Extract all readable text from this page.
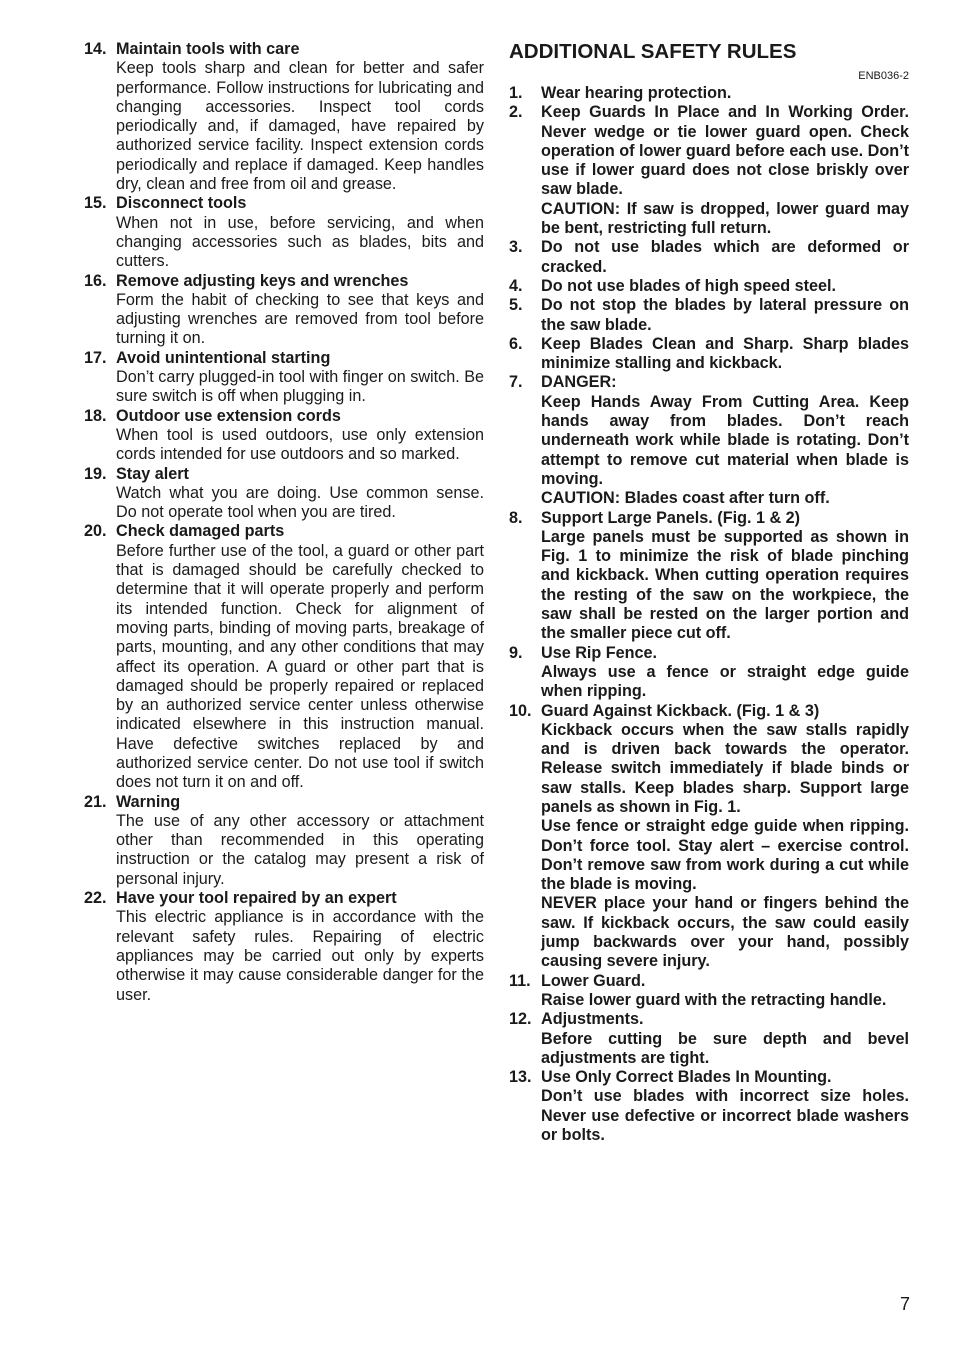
14. Maintain tools with care
Keep tools sharp and clean for better and safer performance. Follow instructions for lubricating and changing accessories. Inspect tool cords periodically and, if damaged, have repaired by authorized service facility. Inspect extension cords periodically and replace if damaged. Keep handles dry, clean and free from oil and grease.
15. Disconnect tools
When not in use, before servicing, and when changing accessories such as blades, bits and cutters.
16. Remove adjusting keys and wrenches
Form the habit of checking to see that keys and adjusting wrenches are removed from tool before turning it on.
17. Avoid unintentional starting
Don’t carry plugged-in tool with finger on switch. Be sure switch is off when plugging in.
18. Outdoor use extension cords
When tool is used outdoors, use only extension cords intended for use outdoors and so marked.
19. Stay alert
Watch what you are doing. Use common sense. Do not operate tool when you are tired.
20. Check damaged parts
Before further use of the tool, a guard or other part that is damaged should be carefully checked to determine that it will operate properly and perform its intended function. Check for alignment of moving parts, binding of moving parts, breakage of parts, mounting, and any other conditions that may affect its operation. A guard or other part that is damaged should be properly repaired or replaced by an authorized service center unless otherwise indicated elsewhere in this instruction manual. Have defective switches replaced by and authorized service center. Do not use tool if switch does not turn it on and off.
21. Warning
The use of any other accessory or attachment other than recommended in this operating instruction or the catalog may present a risk of personal injury.
22. Have your tool repaired by an expert
This electric appliance is in accordance with the relevant safety rules. Repairing of electric appliances may be carried out only by experts otherwise it may cause considerable danger for the user.
ADDITIONAL SAFETY RULES
ENB036-2
1.	Wear hearing protection.
2.	Keep Guards In Place and In Working Order. Never wedge or tie lower guard open. Check operation of lower guard before each use. Don’t use if lower guard does not close briskly over saw blade.
CAUTION: If saw is dropped, lower guard may be bent, restricting full return.
3.	Do not use blades which are deformed or cracked.
4.	Do not use blades of high speed steel.
5.	Do not stop the blades by lateral pressure on the saw blade.
6.	Keep Blades Clean and Sharp. Sharp blades minimize stalling and kickback.
7.	DANGER:
Keep Hands Away From Cutting Area. Keep hands away from blades. Don’t reach underneath work while blade is rotating. Don’t attempt to remove cut material when blade is moving.
CAUTION: Blades coast after turn off.
8.	Support Large Panels. (Fig. 1 & 2)
Large panels must be supported as shown in Fig. 1 to minimize the risk of blade pinching and kickback. When cutting operation requires the resting of the saw on the workpiece, the saw shall be rested on the larger portion and the smaller piece cut off.
9.	Use Rip Fence.
Always use a fence or straight edge guide when ripping.
10. Guard Against Kickback. (Fig. 1 & 3)
Kickback occurs when the saw stalls rapidly and is driven back towards the operator. Release switch immediately if blade binds or saw stalls. Keep blades sharp. Support large panels as shown in Fig. 1.
Use fence or straight edge guide when ripping. Don’t force tool. Stay alert – exercise control. Don’t remove saw from work during a cut while the blade is moving.
NEVER place your hand or fingers behind the saw. If kickback occurs, the saw could easily jump backwards over your hand, possibly causing severe injury.
11. Lower Guard.
Raise lower guard with the retracting handle.
12. Adjustments.
Before cutting be sure depth and bevel adjustments are tight.
13. Use Only Correct Blades In Mounting.
Don’t use blades with incorrect size holes. Never use defective or incorrect blade washers or bolts.
7
